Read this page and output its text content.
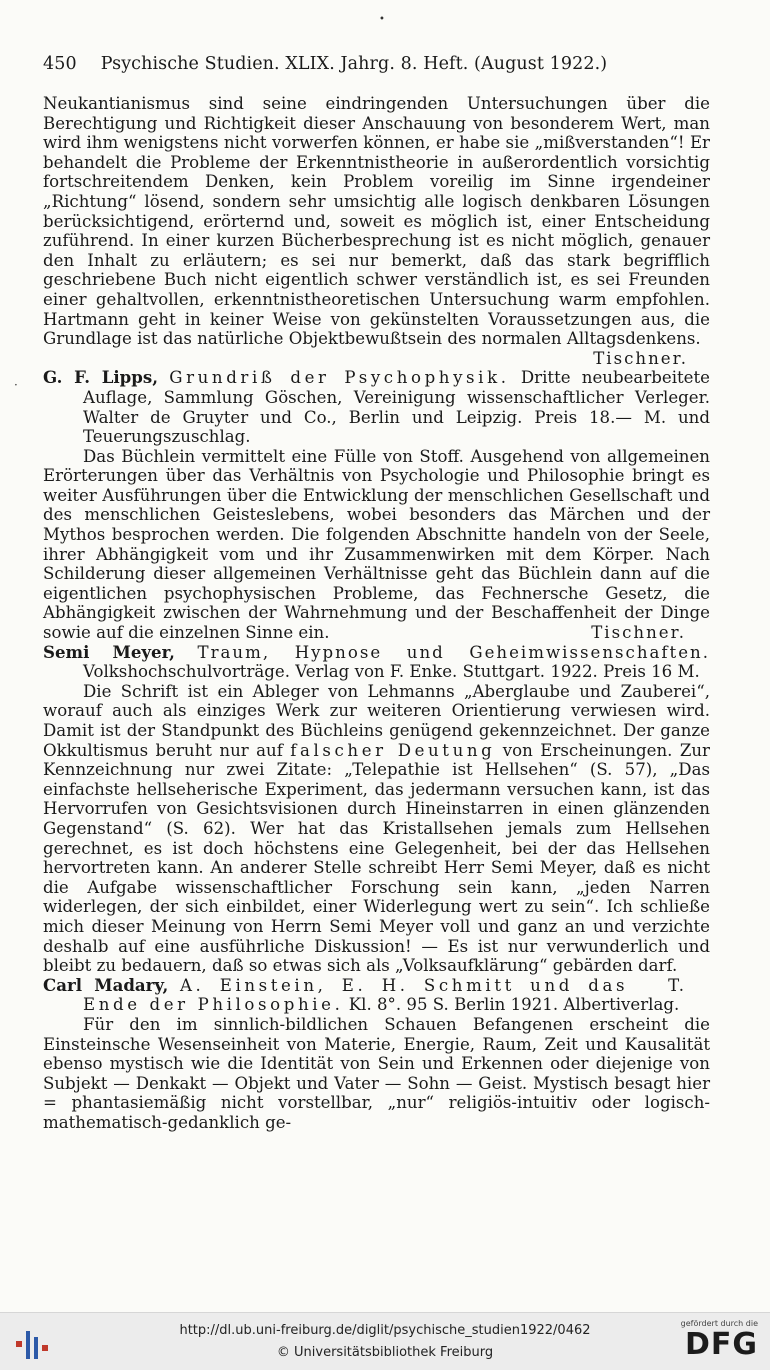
•
·
450 Psychische Studien. XLIX. Jahrg. 8. Heft. (August 1922.)

Neukantianismus sind seine eindringenden Untersuchungen über die Berechtigung und Richtigkeit dieser Anschauung von besonderem Wert, man wird ihm wenigstens nicht vorwerfen können, er habe sie „mißverstanden“! Er behandelt die Probleme der Erkenntnistheorie in außerordentlich vorsichtig fortschreitendem Denken, kein Problem voreilig im Sinne irgendeiner „Richtung“ lösend, sondern sehr umsichtig alle logisch denkbaren Lösungen berücksichtigend, erörternd und, soweit es möglich ist, einer Entscheidung zuführend. In einer kurzen Bücherbesprechung ist es nicht möglich, genauer den Inhalt zu erläutern; es sei nur bemerkt, daß das stark begrifflich geschriebene Buch nicht eigentlich schwer verständlich ist, es sei Freunden einer gehaltvollen, erkenntnistheoretischen Untersuchung warm empfohlen. Hartmann geht in keiner Weise von gekünstelten Voraussetzungen aus, die Grundlage ist das natürliche Objektbewußtsein des normalen Alltagsdenkens.

Tischner.

G. F. Lipps, Grundriß der Psychophysik. Dritte neubearbeitete Auflage, Sammlung Göschen, Vereinigung wissenschaftlicher Verleger. Walter de Gruyter und Co., Berlin und Leipzig. Preis 18.— M. und Teuerungszuschlag.

Das Büchlein vermittelt eine Fülle von Stoff. Ausgehend von allgemeinen Erörterungen über das Verhältnis von Psychologie und Philosophie bringt es weiter Ausführungen über die Entwicklung der menschlichen Gesellschaft und des menschlichen Geisteslebens, wobei besonders das Märchen und der Mythos besprochen werden. Die folgenden Abschnitte handeln von der Seele, ihrer Abhängigkeit vom und ihr Zusammenwirken mit dem Körper. Nach Schilderung dieser allgemeinen Verhältnisse geht das Büchlein dann auf die eigentlichen psychophysischen Probleme, das Fechnersche Gesetz, die Abhängigkeit zwischen der Wahrnehmung und der Beschaffenheit der Dinge sowie auf die einzelnen Sinne ein.	Tischner.

Semi Meyer, Traum, Hypnose und Geheimwissenschaften. Volkshochschulvorträge. Verlag von F. Enke. Stuttgart. 1922. Preis 16 M.

Die Schrift ist ein Ableger von Lehmanns „Aberglaube und Zauberei“, worauf auch als einziges Werk zur weiteren Orientierung verwiesen wird. Damit ist der Standpunkt des Büchleins genügend gekennzeichnet. Der ganze Okkultismus beruht nur auf falscher Deutung von Erscheinungen. Zur Kennzeichnung nur zwei Zitate: „Telepathie ist Hellsehen“ (S. 57), „Das einfachste hellseherische Experiment, das jedermann versuchen kann, ist das Hervorrufen von Gesichtsvisionen durch Hineinstarren in einen glänzenden Gegenstand“ (S. 62). Wer hat das Kristallsehen jemals zum Hellsehen gerechnet, es ist doch höchstens eine Gelegenheit, bei der das Hellsehen hervortreten kann. An anderer Stelle schreibt Herr Semi Meyer, daß es nicht die Aufgabe wissenschaftlicher Forschung sein kann, „jeden Narren widerlegen, der sich einbildet, einer Widerlegung wert zu sein“. Ich schließe mich dieser Meinung von Herrn Semi Meyer voll und ganz an und verzichte deshalb auf eine ausführliche Diskussion! — Es ist nur verwunderlich und bleibt zu bedauern, daß so etwas sich als „Volksaufklärung“ gebärden darf.
T.

Carl Madary, A. Einstein, E. H. Schmitt und das Ende der Philosophie. Kl. 8°. 95 S. Berlin 1921. Albertiverlag.

Für den im sinnlich-bildlichen Schauen Befangenen erscheint die Einsteinsche Wesenseinheit von Materie, Energie, Raum, Zeit und Kausalität ebenso mystisch wie die Identität von Sein und Erkennen oder diejenige von Subjekt — Denkakt — Objekt und Vater — Sohn — Geist. Mystisch besagt hier = phantasiemäßig nicht vorstellbar, „nur“ religiös-intuitiv oder logisch-mathematisch-gedanklich ge-

http://dl.ub.uni-freiburg.de/diglit/psychische_studien1922/0462
© Universitätsbibliothek Freiburg
gefördert durch die
DFG
